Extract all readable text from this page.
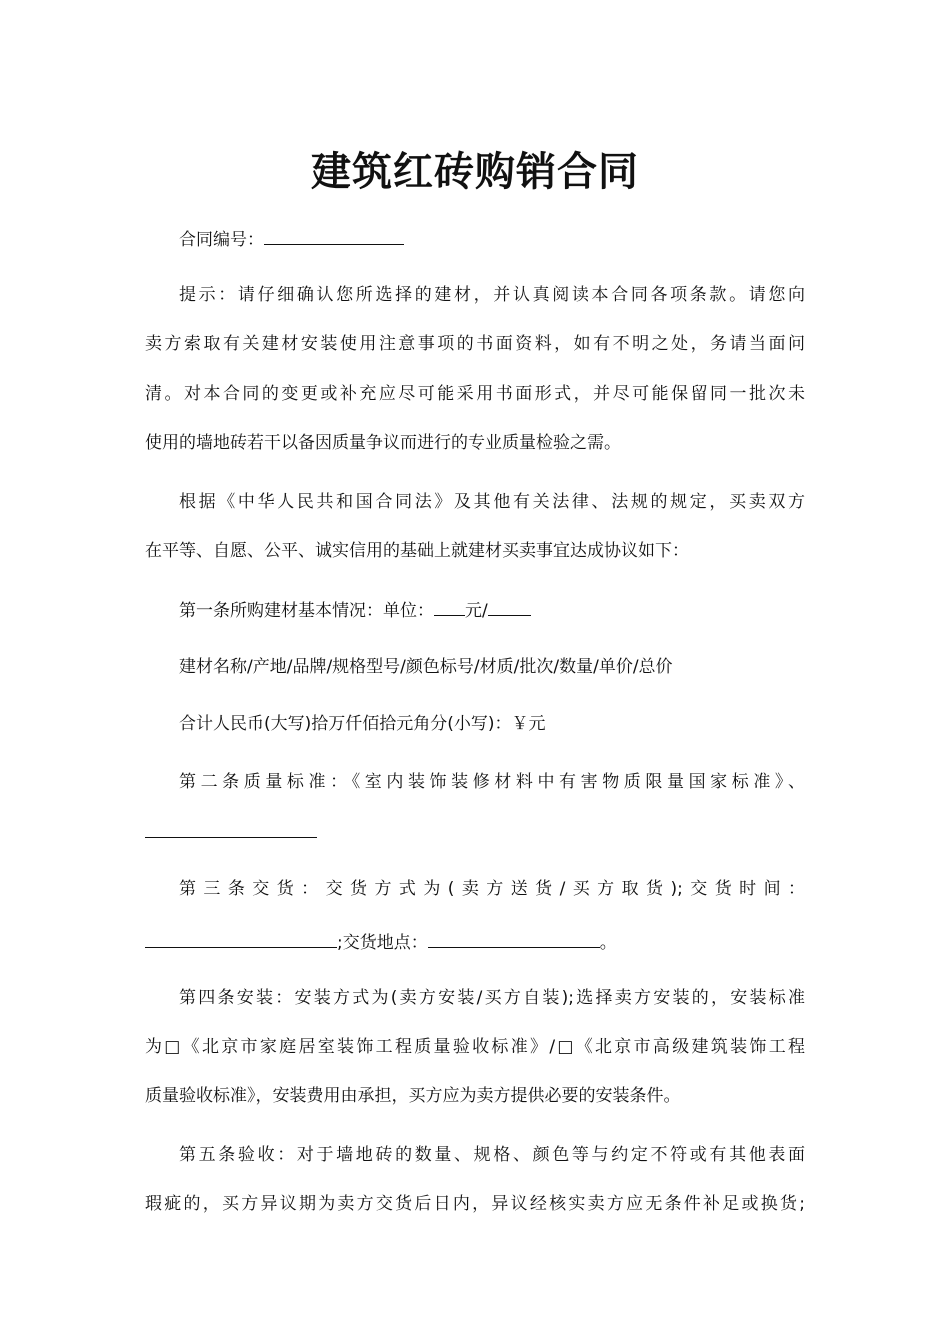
建筑红砖购销合同

合同编号：

提示：请仔细确认您所选择的建材，并认真阅读本合同各项条款。请您向

卖方索取有关建材安装使用注意事项的书面资料，如有不明之处，务请当面问

清。对本合同的变更或补充应尽可能采用书面形式，并尽可能保留同一批次未

使用的墙地砖若干以备因质量争议而进行的专业质量检验之需。

根据《中华人民共和国合同法》及其他有关法律、法规的规定，买卖双方

在平等、自愿、公平、诚实信用的基础上就建材买卖事宜达成协议如下：

第一条所购建材基本情况：单位： 元/

建材名称/产地/品牌/规格型号/颜色标号/材质/批次/数量/单价/总价

合计人民币(大写)拾万仟佰拾元角分(小写)：￥元

第二条质量标准：《室内装饰装修材料中有害物质限量国家标准》、

第三条交货：交货方式为(卖方送货/买方取货);交货时间：

;交货地点：	。

第四条安装：安装方式为(卖方安装/买方自装);选择卖方安装的，安装标准

为□《北京市家庭居室装饰工程质量验收标准》/□《北京市高级建筑装饰工程

质量验收标准》，安装费用由承担，买方应为卖方提供必要的安装条件。

第五条验收：对于墙地砖的数量、规格、颜色等与约定不符或有其他表面

瑕疵的，买方异议期为卖方交货后日内，异议经核实卖方应无条件补足或换货;
